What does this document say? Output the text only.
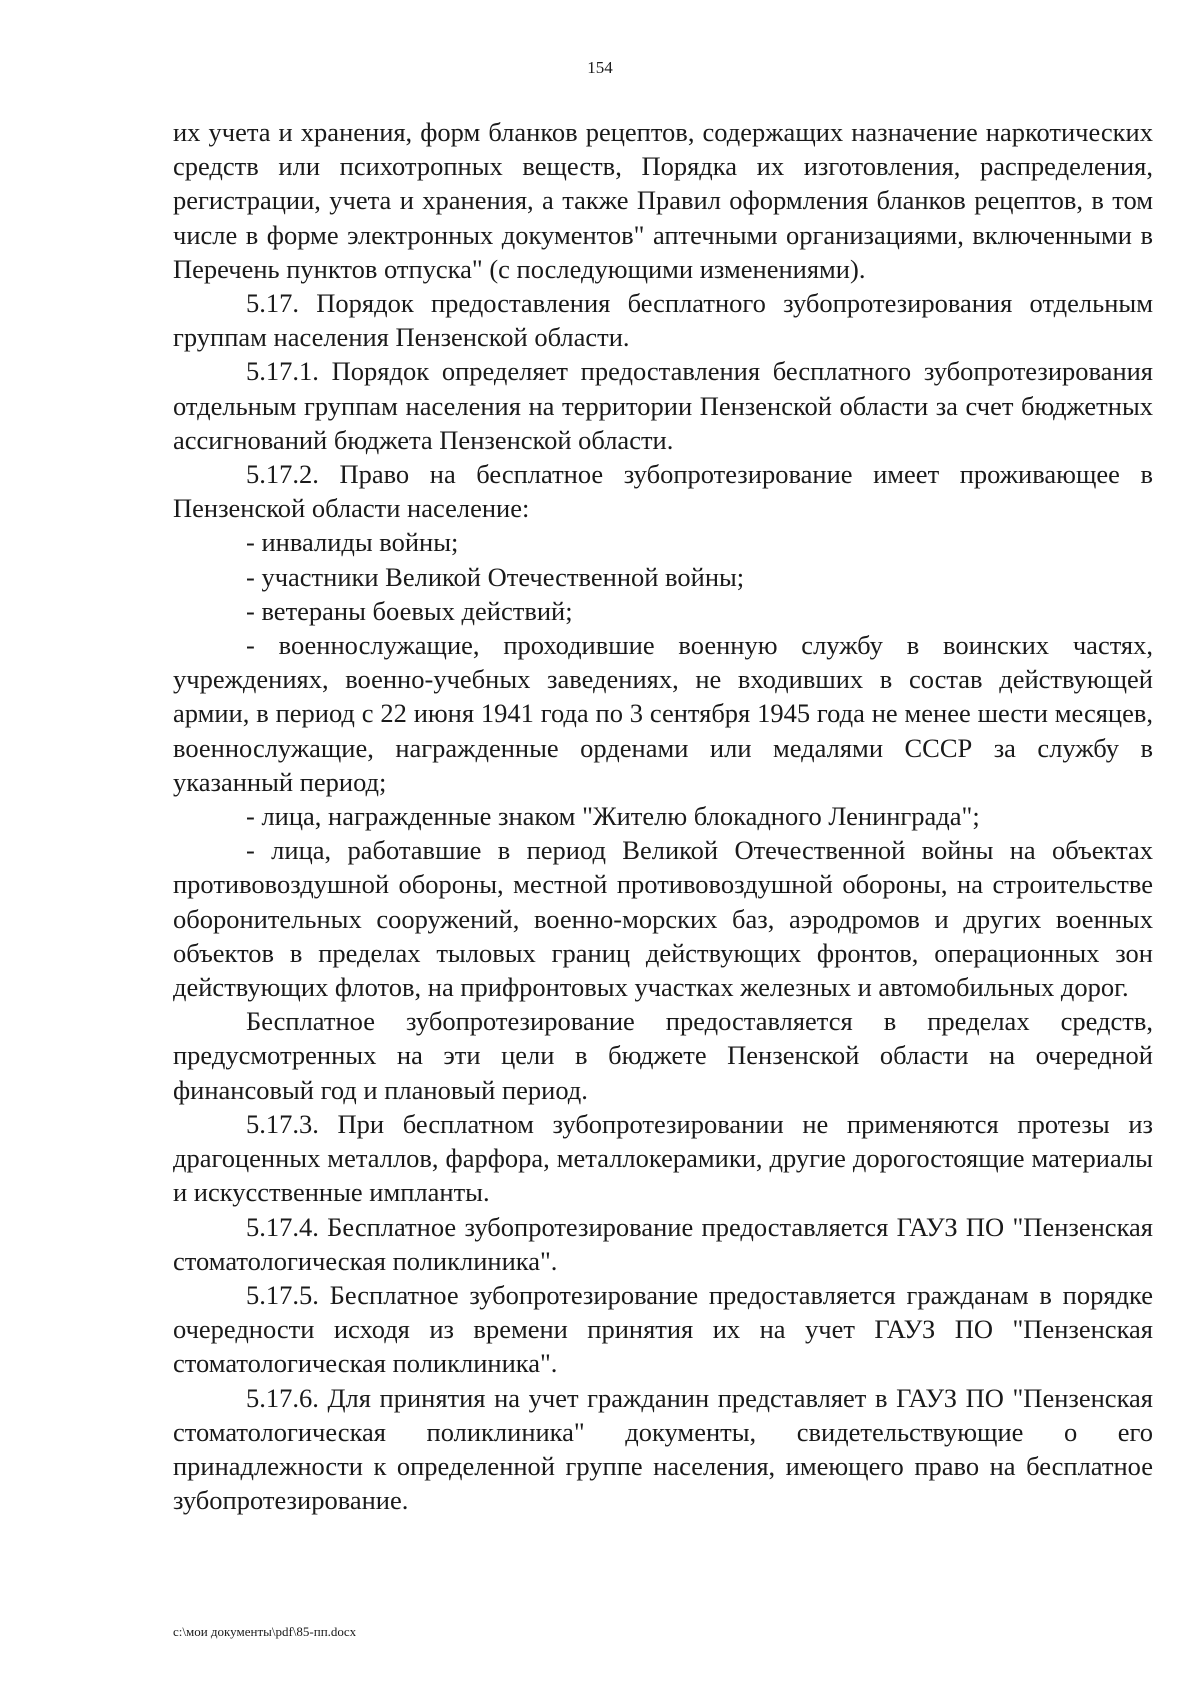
154

их учета и хранения, форм бланков рецептов, содержащих назначение наркотических средств или психотропных веществ, Порядка их изготовления, распределения, регистрации, учета и хранения, а также Правил оформления бланков рецептов, в том числе в форме электронных документов" аптечными организациями, включенными в Перечень пунктов отпуска" (с последующими изменениями).

5.17. Порядок предоставления бесплатного зубопротезирования отдельным группам населения Пензенской области.

5.17.1. Порядок определяет предоставления бесплатного зубопротезирования отдельным группам населения на территории Пензенской области за счет бюджетных ассигнований бюджета Пензенской области.

5.17.2. Право на бесплатное зубопротезирование имеет проживающее в Пензенской области население:

- инвалиды войны;

- участники Великой Отечественной войны;

- ветераны боевых действий;

- военнослужащие, проходившие военную службу в воинских частях, учреждениях, военно-учебных заведениях, не входивших в состав действующей армии, в период с 22 июня 1941 года по 3 сентября 1945 года не менее шести месяцев, военнослужащие, награжденные орденами или медалями СССР за службу в указанный период;

- лица, награжденные знаком "Жителю блокадного Ленинграда";

- лица, работавшие в период Великой Отечественной войны на объектах противовоздушной обороны, местной противовоздушной обороны, на строительстве оборонительных сооружений, военно-морских баз, аэродромов и других военных объектов в пределах тыловых границ действующих фронтов, операционных зон действующих флотов, на прифронтовых участках железных и автомобильных дорог.

Бесплатное зубопротезирование предоставляется в пределах средств, предусмотренных на эти цели в бюджете Пензенской области на очередной финансовый год и плановый период.

5.17.3. При бесплатном зубопротезировании не применяются протезы из драгоценных металлов, фарфора, металлокерамики, другие дорогостоящие материалы и искусственные импланты.

5.17.4. Бесплатное зубопротезирование предоставляется ГАУЗ ПО "Пензенская стоматологическая поликлиника".

5.17.5. Бесплатное зубопротезирование предоставляется гражданам в порядке очередности исходя из времени принятия их на учет ГАУЗ ПО "Пензенская стоматологическая поликлиника".

5.17.6. Для принятия на учет гражданин представляет в ГАУЗ ПО "Пензенская стоматологическая поликлиника" документы, свидетельствующие о его принадлежности к определенной группе населения, имеющего право на бесплатное зубопротезирование.

c:\мои документы\pdf\85-пп.docx
